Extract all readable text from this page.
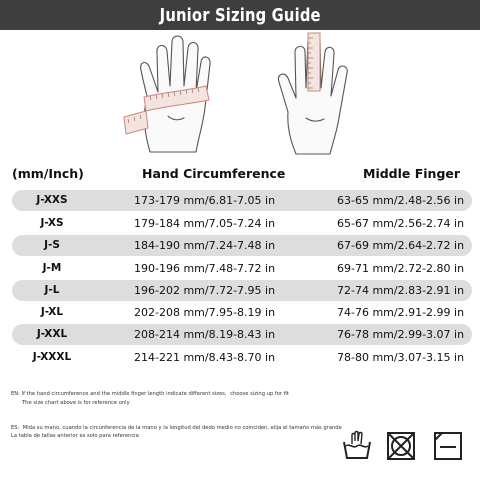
Junior Sizing Guide
(mm/Inch)	Hand Circumference	Middle Finger
J-XXS	173-179 mm/6.81-7.05 in	63-65 mm/2.48-2.56 in
J-XS	179-184 mm/7.05-7.24 in	65-67 mm/2.56-2.74 in
J-S	184-190 mm/7.24-7.48 in	67-69 mm/2.64-2.72 in
J-M	190-196 mm/7.48-7.72 in	69-71 mm/2.72-2.80 in
J-L	196-202 mm/7.72-7.95 in	72-74 mm/2.83-2.91 in
J-XL	202-208 mm/7.95-8.19 in	74-76 mm/2.91-2.99 in
J-XXL	208-214 mm/8.19-8.43 in	76-78 mm/2.99-3.07 in
J-XXXL	214-221 mm/8.43-8.70 in	78-80 mm/3.07-3.15 in
EN: If the hand circumference and the middle finger length indicate different sizes，choose sizing up for fit
The size chart above is for reference only
ES：Mida su mano, cuando la circunferencia de la mano y la longitud del dedo medio no coinciden, elija el tamaño más grande
La tabla de tallas anterior es solo para referencia
